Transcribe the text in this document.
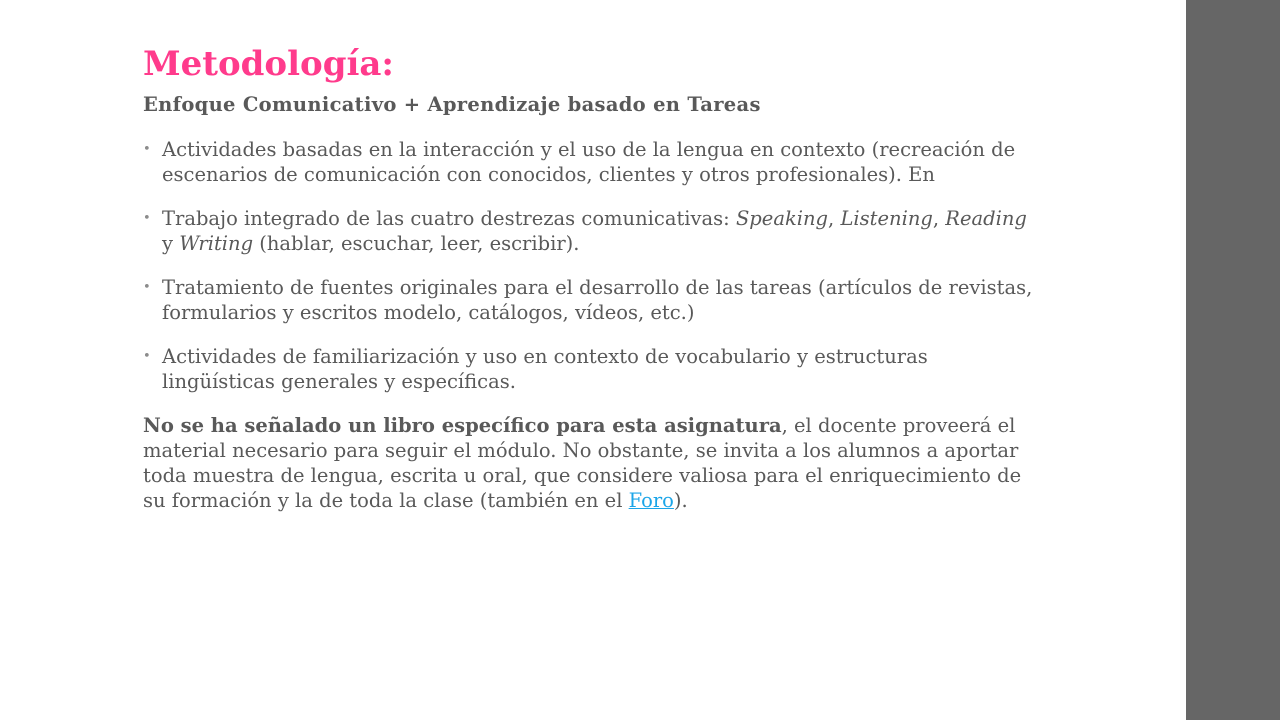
Metodología:

Enfoque Comunicativo + Aprendizaje basado en Tareas

• Actividades basadas en la interacción y el uso de la lengua en contexto (recreación de escenarios de comunicación con conocidos, clientes y otros profesionales). En
• Trabajo integrado de las cuatro destrezas comunicativas: Speaking, Listening, Reading y Writing (hablar, escuchar, leer, escribir).
• Tratamiento de fuentes originales para el desarrollo de las tareas (artículos de revistas, formularios y escritos modelo, catálogos, vídeos, etc.)
• Actividades de familiarización y uso en contexto de vocabulario y estructuras lingüísticas generales y específicas.

No se ha señalado un libro específico para esta asignatura, el docente proveerá el material necesario para seguir el módulo. No obstante, se invita a los alumnos a aportar toda muestra de lengua, escrita u oral, que considere valiosa para el enriquecimiento de su formación y la de toda la clase (también en el Foro).
